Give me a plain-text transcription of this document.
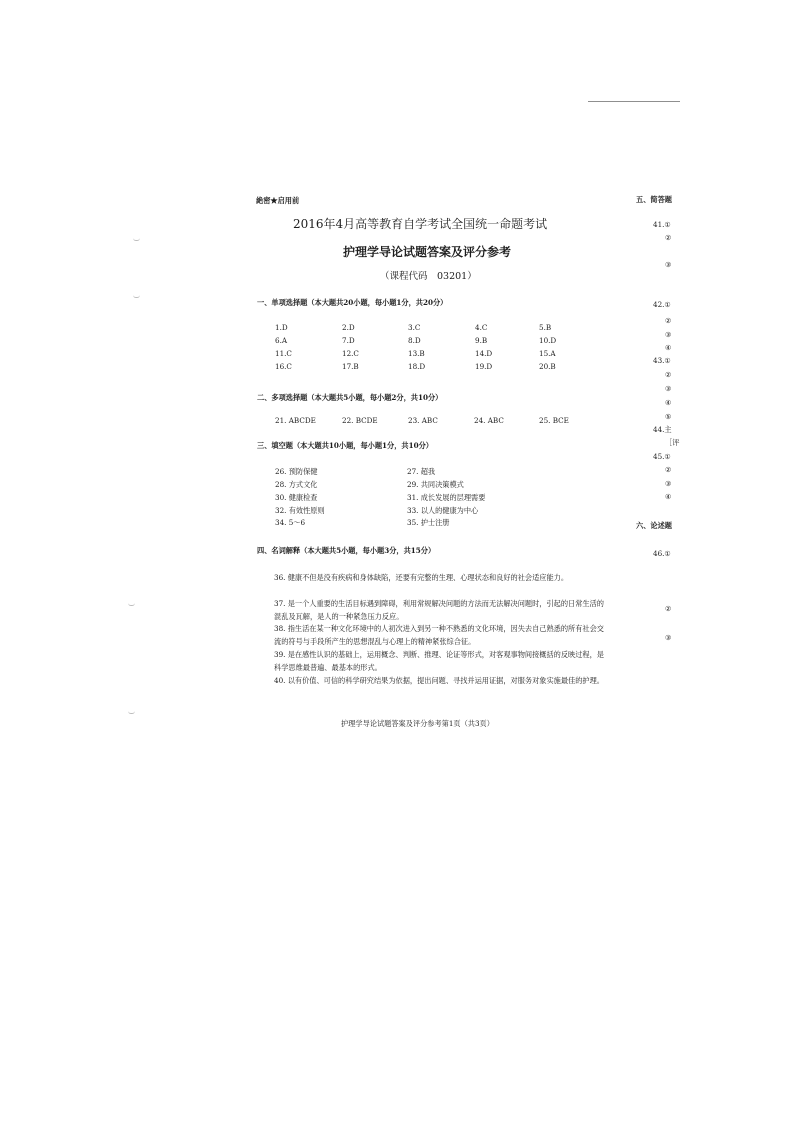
絶密★启用前
2016年4月高等教育自学考试全国统一命题考试
护理学导论试题答案及评分参考
（课程代码　03201）
一、单项选择题（本大题共20小题，每小题1分，共20分）
1.D	2.D	3.C	4.C	5.B
6.A	7.D	8.D	9.B	10.D
11.C	12.C	13.B	14.D	15.A
16.C	17.B	18.D	19.D	20.B
二、多项选择题（本大题共5小题，每小题2分，共10分）
21. ABCDE	22. BCDE	23. ABC	24. ABC	25. BCE
三、填空题（本大题共10小题，每小题1分，共10分）
26. 预防保健	27. 超我
28. 方式文化	29. 共同决策模式
30. 健康检查	31. 成长发展的层理需要
32. 有效性原则	33. 以人的健康为中心
34. 5～6	35. 护士注册
四、名词解释（本大题共5小题，每小题3分，共15分）
36. 健康不但是没有疾病和身体缺陷，还要有完整的生理、心理状态和良好的社会适应能力。
37. 是一个人重要的生活目标遇到障碍，利用常规解决问题的方法而无法解决问题时，引起的日常生活的混乱及瓦解，是人的一种紧急压力反应。
38. 指生活在某一种文化环境中的人初次进入到另一种不熟悉的文化环境，因失去自己熟悉的所有社会交流的符号与手段所产生的思想混乱与心理上的精神紧张综合征。
39. 是在感性认识的基础上，运用概念、判断、推理、论证等形式，对客观事物间接概括的反映过程，是科学思维最普遍、最基本的形式。
40. 以有价值、可信的科学研究结果为依据，提出问题、寻找并运用证据，对服务对象实施最佳的护理。
护理学导论试题答案及评分参考第1页（共3页）
五、简答题
41.①
②
③
42.①
②
③
④
43.①
②
③
④
⑤
44.主
［评
45.①
②
③
④
六、论述题
46.①
②
③
